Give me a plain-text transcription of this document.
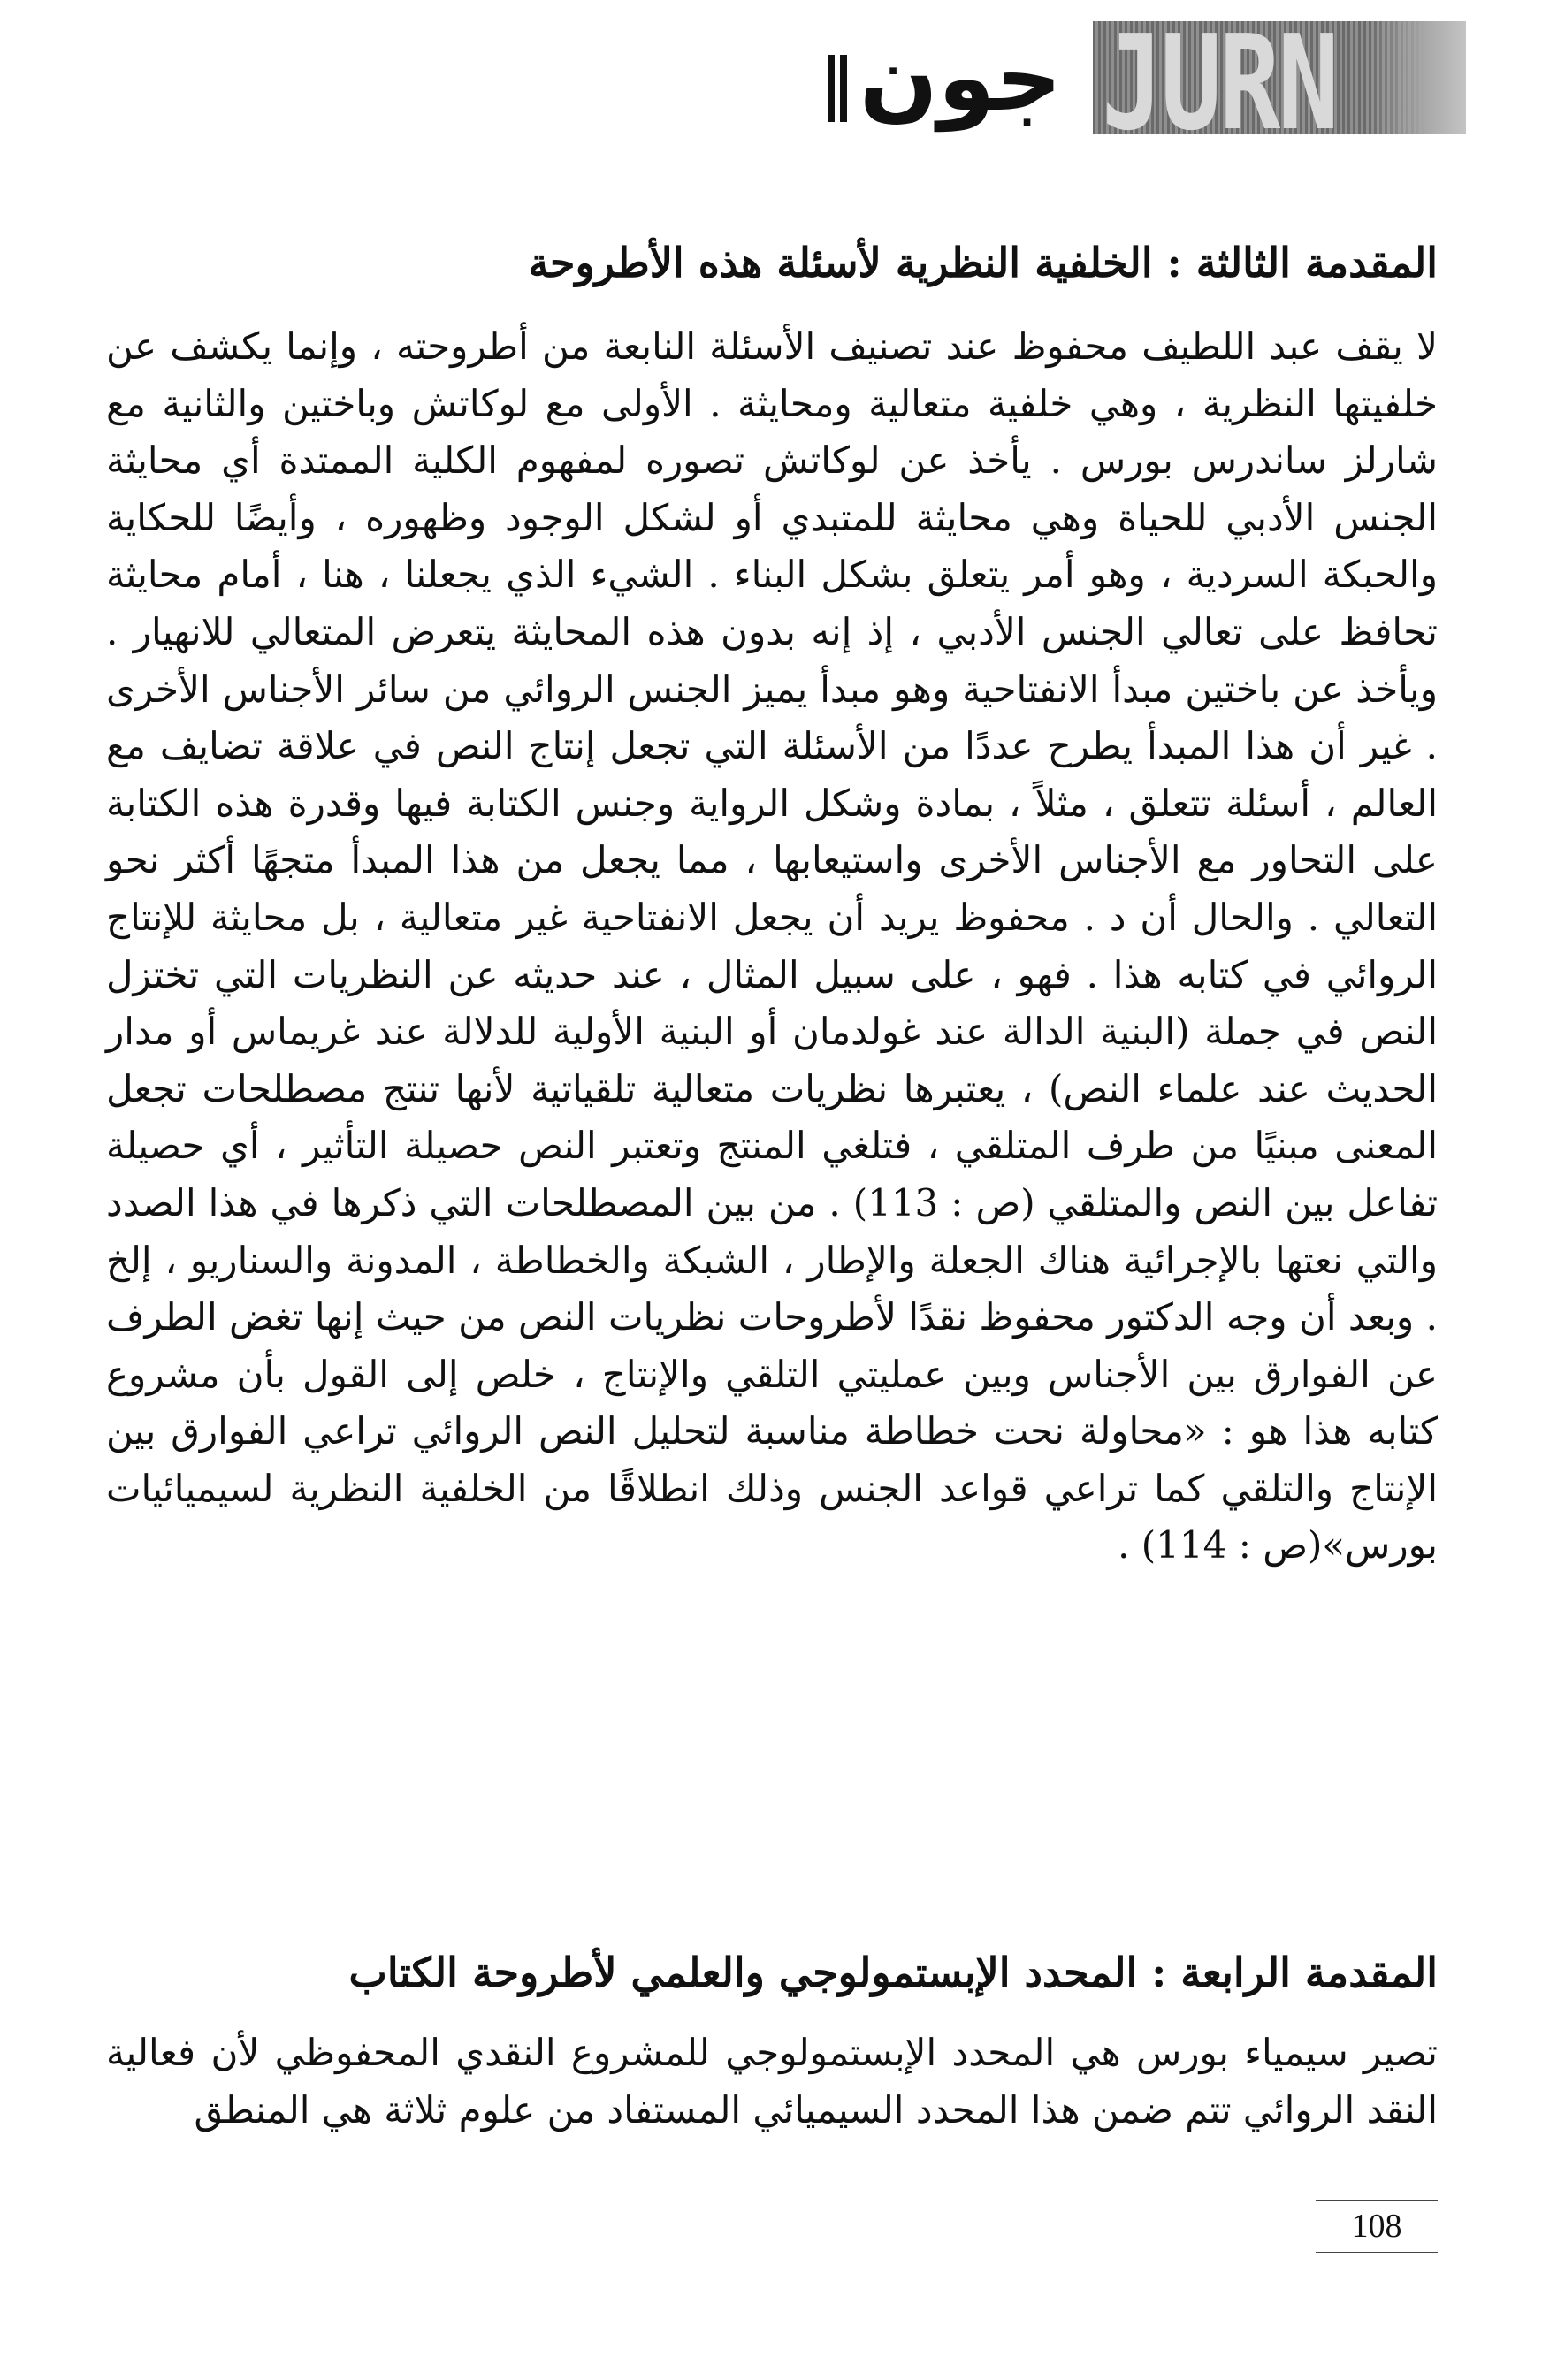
جون JURN
المقدمة الثالثة : الخلفية النظرية لأسئلة هذه الأطروحة

لا يقف عبد اللطيف محفوظ عند تصنيف الأسئلة النابعة من أطروحته ، وإنما يكشف عن خلفيتها النظرية ، وهي خلفية متعالية ومحايثة . الأولى مع لوكاتش وباختين والثانية مع شارلز ساندرس بورس . يأخذ عن لوكاتش تصوره لمفهوم الكلية الممتدة أي محايثة الجنس الأدبي للحياة وهي محايثة للمتبدي أو لشكل الوجود وظهوره ، وأيضًا للحكاية والحبكة السردية ، وهو أمر يتعلق بشكل البناء . الشيء الذي يجعلنا ، هنا ، أمام محايثة تحافظ على تعالي الجنس الأدبي ، إذ إنه بدون هذه المحايثة يتعرض المتعالي للانهيار . ويأخذ عن باختين مبدأ الانفتاحية وهو مبدأ يميز الجنس الروائي من سائر الأجناس الأخرى . غير أن هذا المبدأ يطرح عددًا من الأسئلة التي تجعل إنتاج النص في علاقة تضايف مع العالم ، أسئلة تتعلق ، مثلاً ، بمادة وشكل الرواية وجنس الكتابة فيها وقدرة هذه الكتابة على التحاور مع الأجناس الأخرى واستيعابها ، مما يجعل من هذا المبدأ متجهًا أكثر نحو التعالي . والحال أن د . محفوظ يريد أن يجعل الانفتاحية غير متعالية ، بل محايثة للإنتاج الروائي في كتابه هذا . فهو ، على سبيل المثال ، عند حديثه عن النظريات التي تختزل النص في جملة (البنية الدالة عند غولدمان أو البنية الأولية للدلالة عند غريماس أو مدار الحديث عند علماء النص) ، يعتبرها نظريات متعالية تلقياتية لأنها تنتج مصطلحات تجعل المعنى مبنيًا من طرف المتلقي ، فتلغي المنتج وتعتبر النص حصيلة التأثير ، أي حصيلة تفاعل بين النص والمتلقي (ص : 113) . من بين المصطلحات التي ذكرها في هذا الصدد والتي نعتها بالإجرائية هناك الجعلة والإطار ، الشبكة والخطاطة ، المدونة والسناريو ، إلخ . وبعد أن وجه الدكتور محفوظ نقدًا لأطروحات نظريات النص من حيث إنها تغض الطرف عن الفوارق بين الأجناس وبين عمليتي التلقي والإنتاج ، خلص إلى القول بأن مشروع كتابه هذا هو : «محاولة نحت خطاطة مناسبة لتحليل النص الروائي تراعي الفوارق بين الإنتاج والتلقي كما تراعي قواعد الجنس وذلك انطلاقًا من الخلفية النظرية لسيميائيات بورس»(ص : 114) .

المقدمة الرابعة : المحدد الإبستمولوجي والعلمي لأطروحة الكتاب

تصير سيمياء بورس هي المحدد الإبستمولوجي للمشروع النقدي المحفوظي لأن فعالية النقد الروائي تتم ضمن هذا المحدد السيميائي المستفاد من علوم ثلاثة هي المنطق

108
